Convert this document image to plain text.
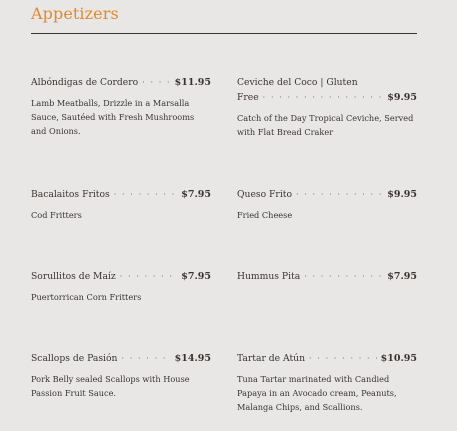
Appetizers
Albóndigas de Cordero · · ·	$11.95
Lamb Meatballs, Drizzle in a Marsalla Sauce, Sautéed with Fresh Mushrooms and Onions.
Ceviche del Coco | Gluten
Free · · ·	$9.95
Catch of the Day Tropical Ceviche, Served with Flat Bread Craker
Bacalaitos Fritos · · ·	$7.95
Cod Fritters
Queso Frito · · ·	$9.95
Fried Cheese
Sorullitos de Maíz · · ·	$7.95
Puertorrican Corn Fritters
Hummus Pita · · ·	$7.95
Scallops de Pasión · · ·	$14.95
Pork Belly sealed Scallops with House Passion Fruit Sauce.
Tartar de Atún · · ·	$10.95
Tuna Tartar marinated with Candied Papaya in an Avocado cream, Peanuts, Malanga Chips, and Scallions.
